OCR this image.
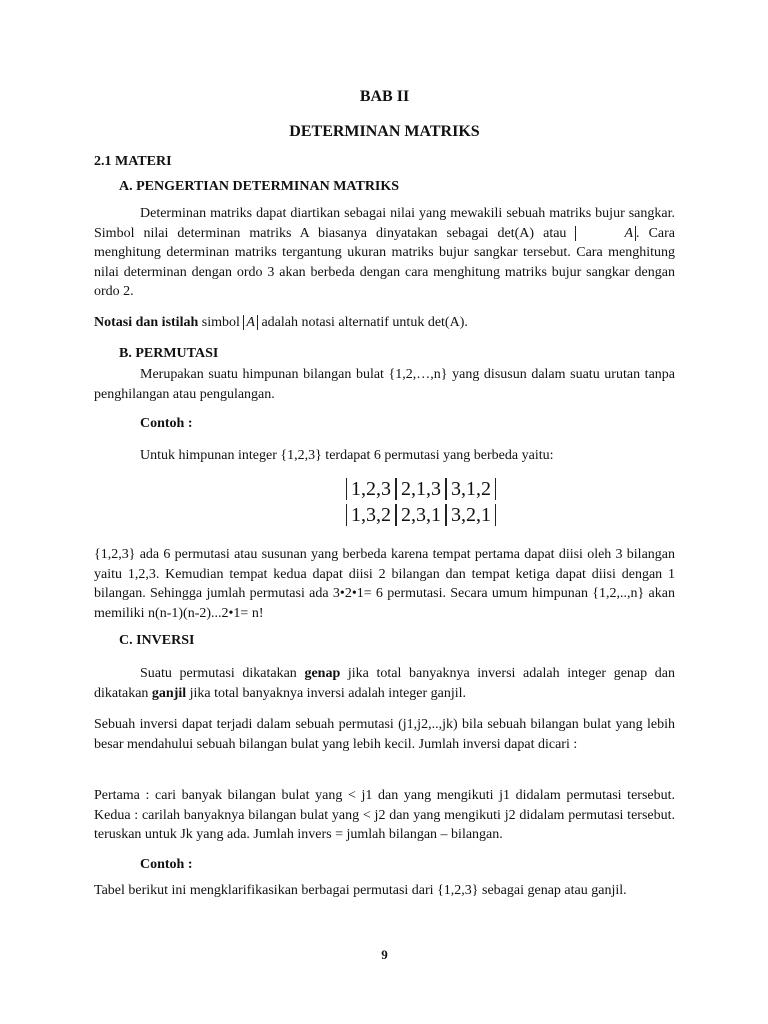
BAB II
DETERMINAN MATRIKS
2.1 MATERI
A. PENGERTIAN DETERMINAN MATRIKS
Determinan matriks dapat diartikan sebagai nilai yang mewakili sebuah matriks bujur sangkar. Simbol nilai determinan matriks A biasanya dinyatakan sebagai det(A) atau	A . Cara menghitung determinan matriks tergantung ukuran matriks bujur sangkar tersebut. Cara menghitung nilai determinan dengan ordo 3 akan berbeda dengan cara menghitung matriks bujur sangkar dengan ordo 2.
Notasi dan istilah simbol A adalah notasi alternatif untuk det(A).
B. PERMUTASI
Merupakan suatu himpunan bilangan bulat {1,2,…,n} yang disusun dalam suatu urutan tanpa penghilangan atau pengulangan.
Contoh :
Untuk himpunan integer {1,2,3} terdapat 6 permutasi yang berbeda yaitu:
1,2,3 2,1,3 3,1,2
1,3,2 2,3,1 3,2,1
{1,2,3} ada 6 permutasi atau susunan yang berbeda karena tempat pertama dapat diisi oleh 3 bilangan yaitu 1,2,3. Kemudian tempat kedua dapat diisi 2 bilangan dan tempat ketiga dapat diisi dengan 1 bilangan. Sehingga jumlah permutasi ada 3•2•1= 6 permutasi. Secara umum himpunan {1,2,..,n} akan memiliki n(n-1)(n-2)...2•1= n!
C. INVERSI
Suatu permutasi dikatakan genap jika total banyaknya inversi adalah integer genap dan dikatakan ganjil jika total banyaknya inversi adalah integer ganjil.
Sebuah inversi dapat terjadi dalam sebuah permutasi (j1,j2,..,jk) bila sebuah bilangan bulat yang lebih besar mendahului sebuah bilangan bulat yang lebih kecil. Jumlah inversi dapat dicari :
Pertama : cari banyak bilangan bulat yang < j1 dan yang mengikuti j1 didalam permutasi tersebut. Kedua : carilah banyaknya bilangan bulat yang < j2 dan yang mengikuti j2 didalam permutasi tersebut. teruskan untuk Jk yang ada. Jumlah invers = jumlah bilangan – bilangan.
Contoh :
Tabel berikut ini mengklarifikasikan berbagai permutasi dari {1,2,3} sebagai genap atau ganjil.
9
